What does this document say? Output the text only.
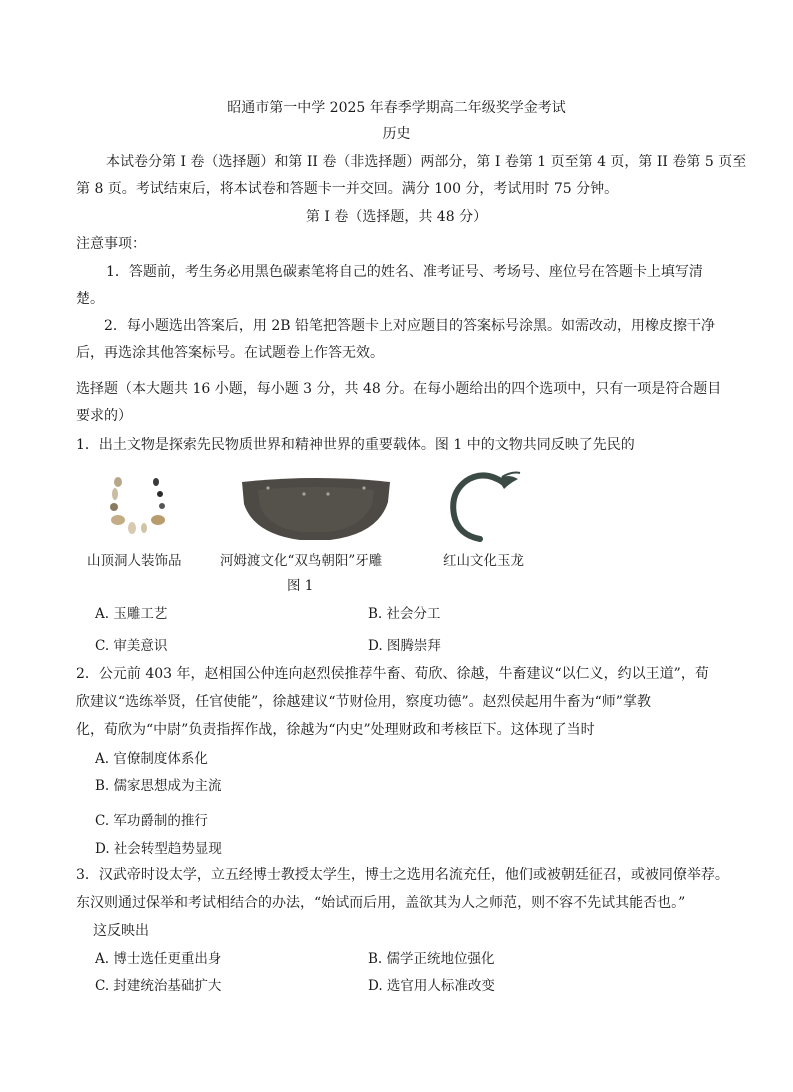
昭通市第一中学 2025 年春季学期高二年级奖学金考试
历史
本试卷分第 I 卷（选择题）和第 II 卷（非选择题）两部分，第 I 卷第 1 页至第 4 页，第 II 卷第 5 页至
第 8 页。考试结束后，将本试卷和答题卡一并交回。满分 100 分，考试用时 75 分钟。
第 I 卷（选择题，共 48 分）
注意事项：
1．答题前，考生务必用黑色碳素笔将自己的姓名、准考证号、考场号、座位号在答题卡上填写清
楚。
2．每小题选出答案后，用 2B 铅笔把答题卡上对应题目的答案标号涂黑。如需改动，用橡皮擦干净
后，再选涂其他答案标号。在试题卷上作答无效。
选择题（本大题共 16 小题，每小题 3 分，共 48 分。在每小题给出的四个选项中，只有一项是符合题目
要求的）
1．出土文物是探索先民物质世界和精神世界的重要载体。图 1 中的文物共同反映了先民的
山顶洞人装饰品	河姆渡文化“双鸟朝阳”牙雕	红山文化玉龙
图 1
A. 玉雕工艺	B. 社会分工
C. 审美意识	D. 图腾崇拜
2．公元前 403 年，赵相国公仲连向赵烈侯推荐牛畜、荀欣、徐越，牛畜建议“以仁义，约以王道”，荀
欣建议“选练举贤，任官使能”，徐越建议“节财俭用，察度功德”。赵烈侯起用牛畜为“师”掌教
化，荀欣为“中尉”负责指挥作战，徐越为“内史”处理财政和考核臣下。这体现了当时
A. 官僚制度体系化
B. 儒家思想成为主流
C. 军功爵制的推行
D. 社会转型趋势显现
3．汉武帝时设太学，立五经博士教授太学生，博士之选用名流充任，他们或被朝廷征召，或被同僚举荐。
东汉则通过保举和考试相结合的办法，“始试而后用，盖欲其为人之师范，则不容不先试其能否也。”
这反映出
A. 博士选任更重出身	B. 儒学正统地位强化
C. 封建统治基础扩大	D. 选官用人标准改变
